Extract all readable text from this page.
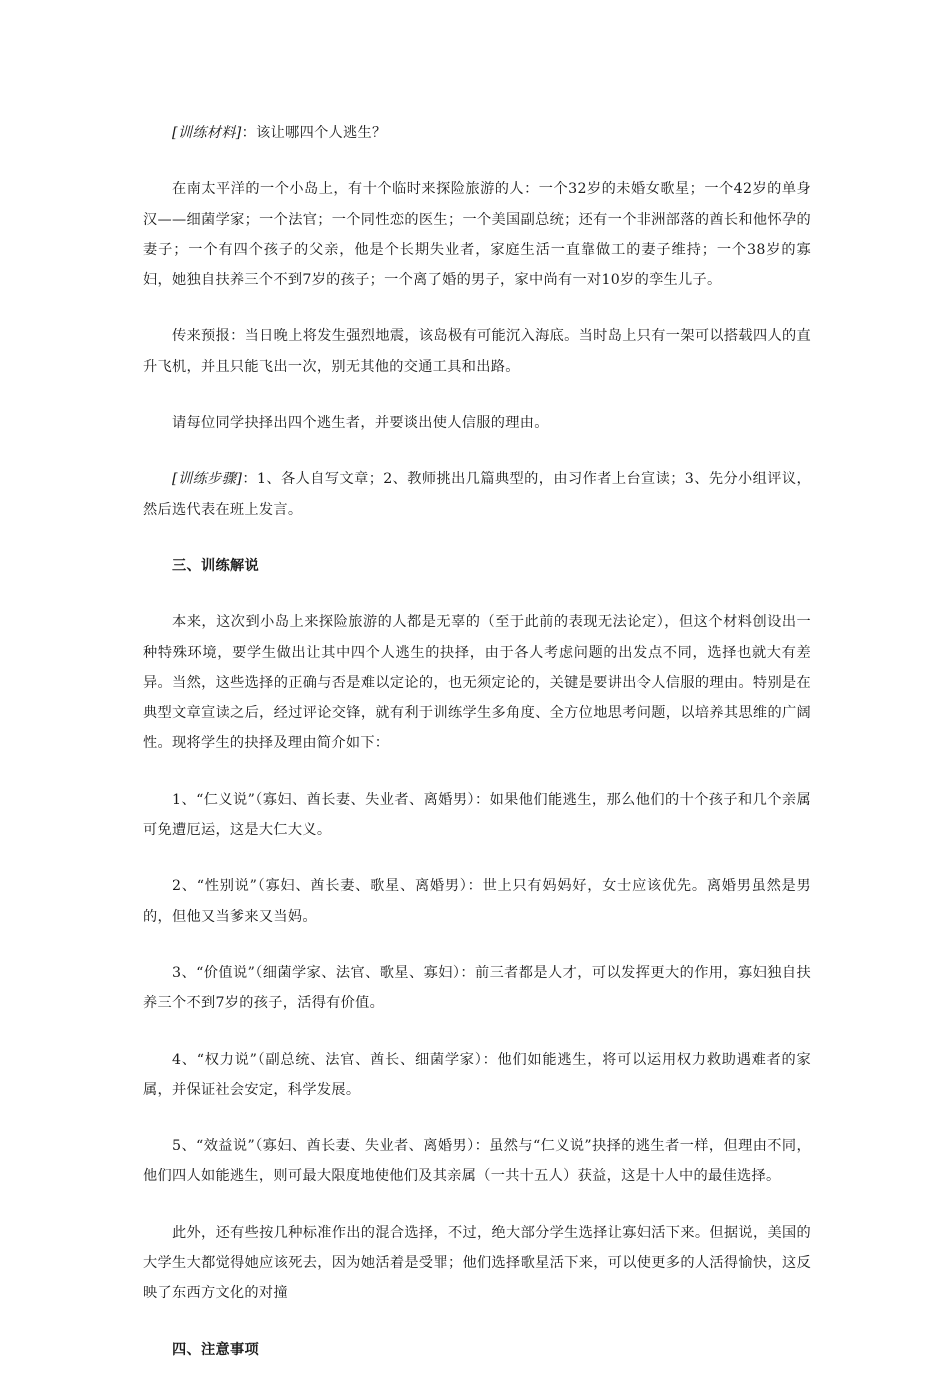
[训练材料]：该让哪四个人逃生？

在南太平洋的一个小岛上，有十个临时来探险旅游的人：一个32岁的未婚女歌星；一个42岁的单身汉——细菌学家；一个法官；一个同性恋的医生；一个美国副总统；还有一个非洲部落的酋长和他怀孕的妻子；一个有四个孩子的父亲，他是个长期失业者，家庭生活一直靠做工的妻子维持；一个38岁的寡妇，她独自扶养三个不到7岁的孩子；一个离了婚的男子，家中尚有一对10岁的孪生儿子。

传来预报：当日晚上将发生强烈地震，该岛极有可能沉入海底。当时岛上只有一架可以搭载四人的直升飞机，并且只能飞出一次，别无其他的交通工具和出路。

请每位同学抉择出四个逃生者，并要谈出使人信服的理由。

[训练步骤]：1、各人自写文章；2、教师挑出几篇典型的，由习作者上台宣读；3、先分小组评议，然后选代表在班上发言。

三、训练解说

本来，这次到小岛上来探险旅游的人都是无辜的（至于此前的表现无法论定），但这个材料创设出一种特殊环境，要学生做出让其中四个人逃生的抉择，由于各人考虑问题的出发点不同，选择也就大有差异。当然，这些选择的正确与否是难以定论的，也无须定论的，关键是要讲出令人信服的理由。特别是在典型文章宣读之后，经过评论交锋，就有利于训练学生多角度、全方位地思考问题，以培养其思维的广阔性。现将学生的抉择及理由简介如下：

1、“仁义说”（寡妇、酋长妻、失业者、离婚男）：如果他们能逃生，那么他们的十个孩子和几个亲属可免遭厄运，这是大仁大义。

2、“性别说”（寡妇、酋长妻、歌星、离婚男）：世上只有妈妈好，女士应该优先。离婚男虽然是男的，但他又当爹来又当妈。

3、“价值说”（细菌学家、法官、歌星、寡妇）：前三者都是人才，可以发挥更大的作用，寡妇独自扶养三个不到7岁的孩子，活得有价值。

4、“权力说”（副总统、法官、酋长、细菌学家）：他们如能逃生，将可以运用权力救助遇难者的家属，并保证社会安定，科学发展。

5、“效益说”（寡妇、酋长妻、失业者、离婚男）：虽然与“仁义说”抉择的逃生者一样，但理由不同，他们四人如能逃生，则可最大限度地使他们及其亲属（一共十五人）获益，这是十人中的最佳选择。

此外，还有些按几种标准作出的混合选择，不过，绝大部分学生选择让寡妇活下来。但据说，美国的大学生大都觉得她应该死去，因为她活着是受罪；他们选择歌星活下来，可以使更多的人活得愉快，这反映了东西方文化的对撞

四、注意事项
